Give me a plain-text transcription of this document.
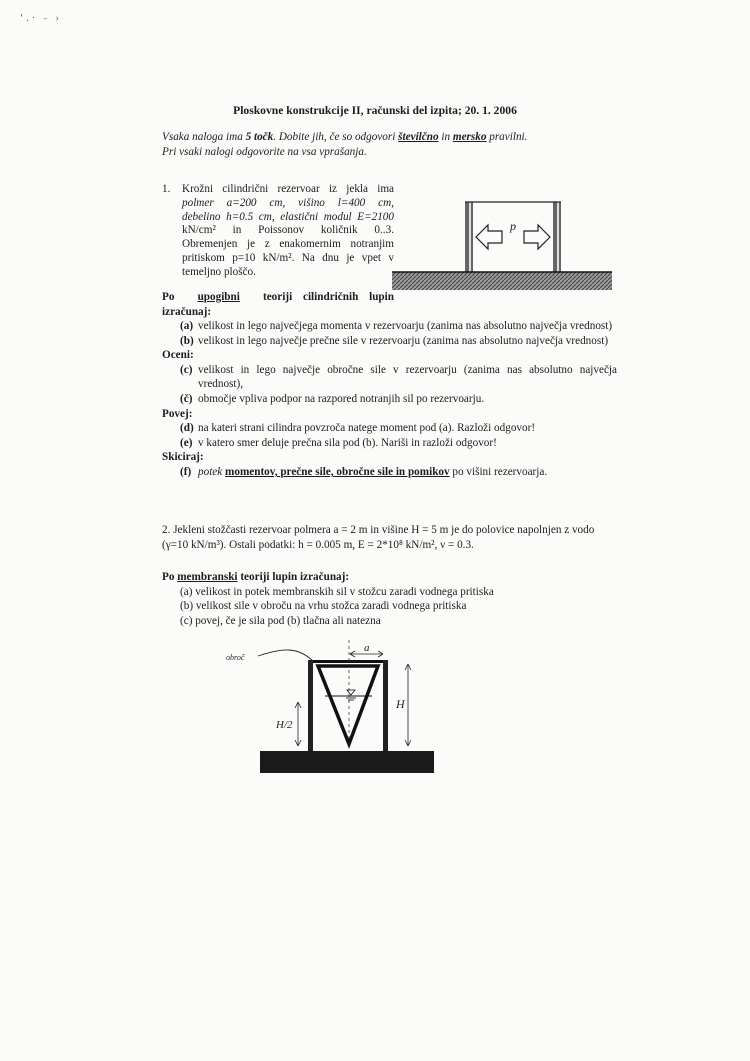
ʻ.· ˗ ›
Ploskovne konstrukcije II, računski del izpita; 20. 1. 2006
Vsaka naloga ima 5 točk. Dobite jih, če so odgovori številčno in mersko pravilni.
Pri vsaki nalogi odgovorite na vsa vprašanja.
1. Krožni cilindrični rezervoar iz jekla ima
polmer a=200 cm, višino l=400 cm,
debelino h=0.5 cm, elastični modul E=2100
kN/cm² in Poissonov količnik 0..3.
Obremenjen je z enakomernim notranjim
pritiskom p=10 kN/m². Na dnu je vpet v
temeljno ploščo.
p
Po upogibni teoriji cilindričnih lupin
izračunaj:
(a) velikost in lego največjega momenta v rezervoarju (zanima nas absolutno največja vrednost)
(b) velikost in lego največje prečne sile v rezervoarju (zanima nas absolutno največja vrednost)
Oceni:
(c) velikost in lego največje obročne sile v rezervoarju (zanima nas absolutno največja vrednost),
(č) območje vpliva podpor na razpored notranjih sil po rezervoarju.
Povej:
(d) na kateri strani cilindra povzroča natege moment pod (a). Razloži odgovor!
(e) v katero smer deluje prečna sila pod (b). Nariši in razloži odgovor!
Skiciraj:
(f) potek momentov, prečne sile, obročne sile in pomikov po višini rezervoarja.
2. Jekleni stožčasti rezervoar polmera a = 2 m in višine H = 5 m je do polovice napolnjen z vodo
(γ=10 kN/m³). Ostali podatki: h = 0.005 m, E = 2*10⁸ kN/m², ν = 0.3.
Po membranski teoriji lupin izračunaj:
(a) velikost in potek membranskih sil v stožcu zaradi vodnega pritiska
(b) velikost sile v obroču na vrhu stožca zaradi vodnega pritiska
(c) povej, če je sila pod (b) tlačna ali natezna
obroč
a
H
H/2
